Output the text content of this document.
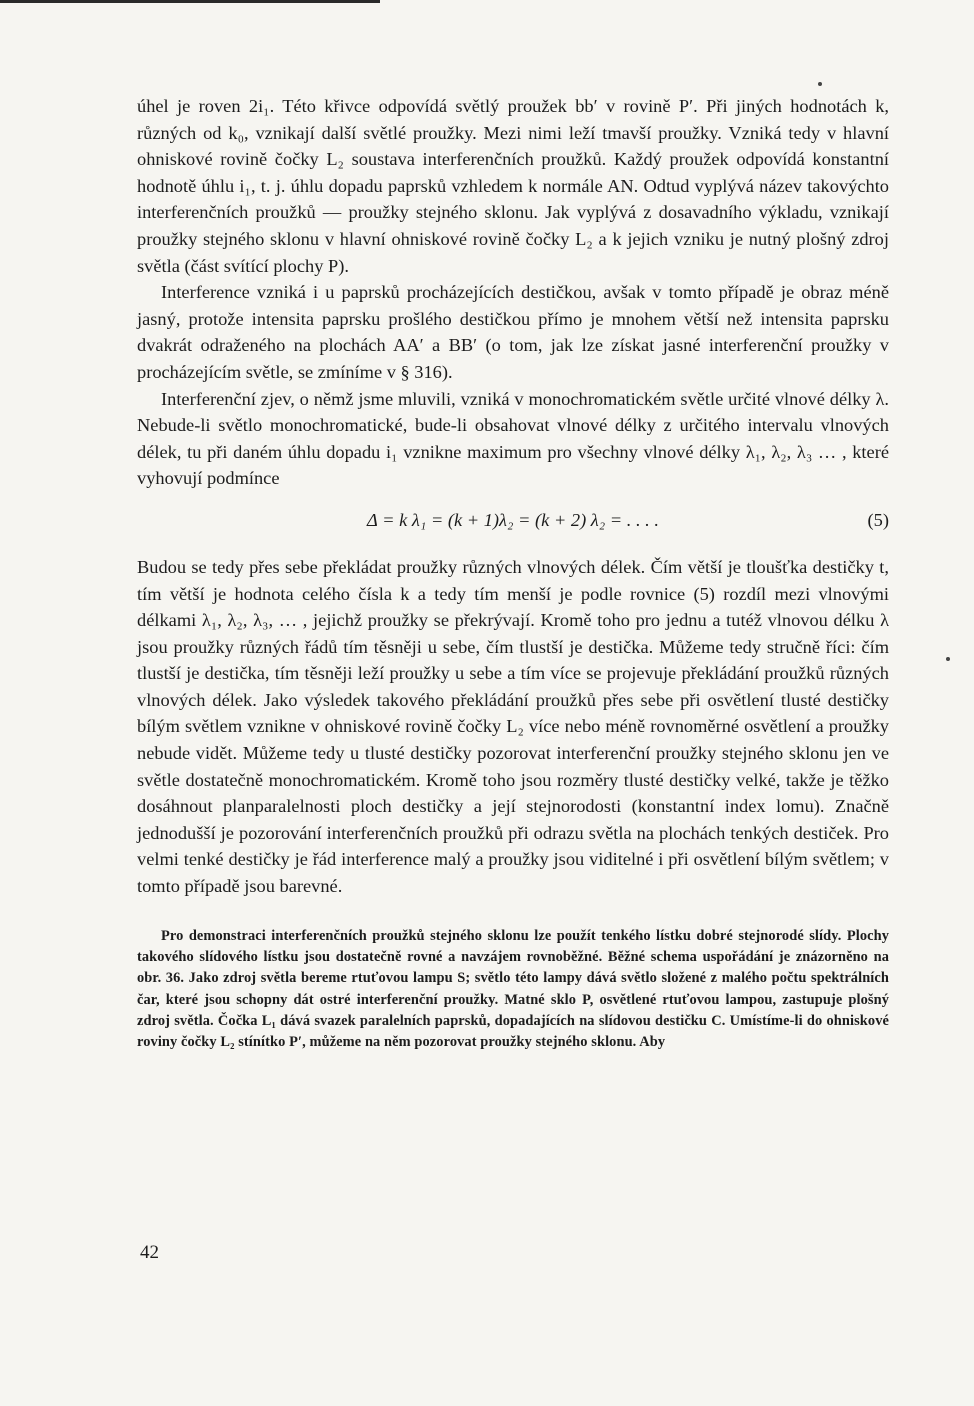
úhel je roven 2i₁. Této křivce odpovídá světlý proužek bb′ v rovině P′. Při jiných hodnotách k, různých od k₀, vznikají další světlé proužky. Mezi nimi leží tmavší proužky. Vzniká tedy v hlavní ohniskové rovině čočky L₂ soustava interferenčních proužků. Každý proužek odpovídá konstantní hodnotě úhlu i₁, t. j. úhlu dopadu paprsků vzhledem k normále AN. Odtud vyplývá název takovýchto interferenčních proužků — proužky stejného sklonu. Jak vyplývá z dosavadního výkladu, vznikají proužky stejného sklonu v hlavní ohniskové rovině čočky L₂ a k jejich vzniku je nutný plošný zdroj světla (část svítící plochy P).

Interference vzniká i u paprsků procházejících destičkou, avšak v tomto případě je obraz méně jasný, protože intensita paprsku prošlého destičkou přímo je mnohem větší než intensita paprsku dvakrát odraženého na plochách AA′ a BB′ (o tom, jak lze získat jasné interferenční proužky v procházejícím světle, se zmíníme v § 316).

Interferenční zjev, o němž jsme mluvili, vzniká v monochromatickém světle určité vlnové délky λ. Nebude-li světlo monochromatické, bude-li obsahovat vlnové délky z určitého intervalu vlnových délek, tu při daném úhlu dopadu i₁ vznikne maximum pro všechny vlnové délky λ₁, λ₂, λ₃ … , které vyhovují podmínce

Δ = k λ₁ = (k + 1)λ₂ = (k + 2) λ₂ = . . . .	(5)

Budou se tedy přes sebe překládat proužky různých vlnových délek. Čím větší je tloušťka destičky t, tím větší je hodnota celého čísla k a tedy tím menší je podle rovnice (5) rozdíl mezi vlnovými délkami λ₁, λ₂, λ₃, … , jejichž proužky se překrývají. Kromě toho pro jednu a tutéž vlnovou délku λ jsou proužky různých řádů tím těsněji u sebe, čím tlustší je destička. Můžeme tedy stručně říci: čím tlustší je destička, tím těsněji leží proužky u sebe a tím více se projevuje překládání proužků různých vlnových délek. Jako výsledek takového překládání proužků přes sebe při osvětlení tlusté destičky bílým světlem vznikne v ohniskové rovině čočky L₂ více nebo méně rovnoměrné osvětlení a proužky nebude vidět. Můžeme tedy u tlusté destičky pozorovat interferenční proužky stejného sklonu jen ve světle dostatečně monochromatickém. Kromě toho jsou rozměry tlusté destičky velké, takže je těžko dosáhnout planparalelnosti ploch destičky a její stejnorodosti (konstantní index lomu). Značně jednodušší je pozorování interferenčních proužků při odrazu světla na plochách tenkých destiček. Pro velmi tenké destičky je řád interference malý a proužky jsou viditelné i při osvětlení bílým světlem; v tomto případě jsou barevné.

Pro demonstraci interferenčních proužků stejného sklonu lze použít tenkého lístku dobré stejnorodé slídy. Plochy takového slídového lístku jsou dostatečně rovné a navzájem rovnoběžné. Běžné schema uspořádání je znázorněno na obr. 36. Jako zdroj světla bereme rtuťovou lampu S; světlo této lampy dává světlo složené z malého počtu spektrálních čar, které jsou schopny dát ostré interferenční proužky. Matné sklo P, osvětlené rtuťovou lampou, zastupuje plošný zdroj světla. Čočka L₁ dává svazek paralelních paprsků, dopadajících na slídovou destičku C. Umístíme-li do ohniskové roviny čočky L₂ stínítko P′, můžeme na něm pozorovat proužky stejného sklonu. Aby

42
